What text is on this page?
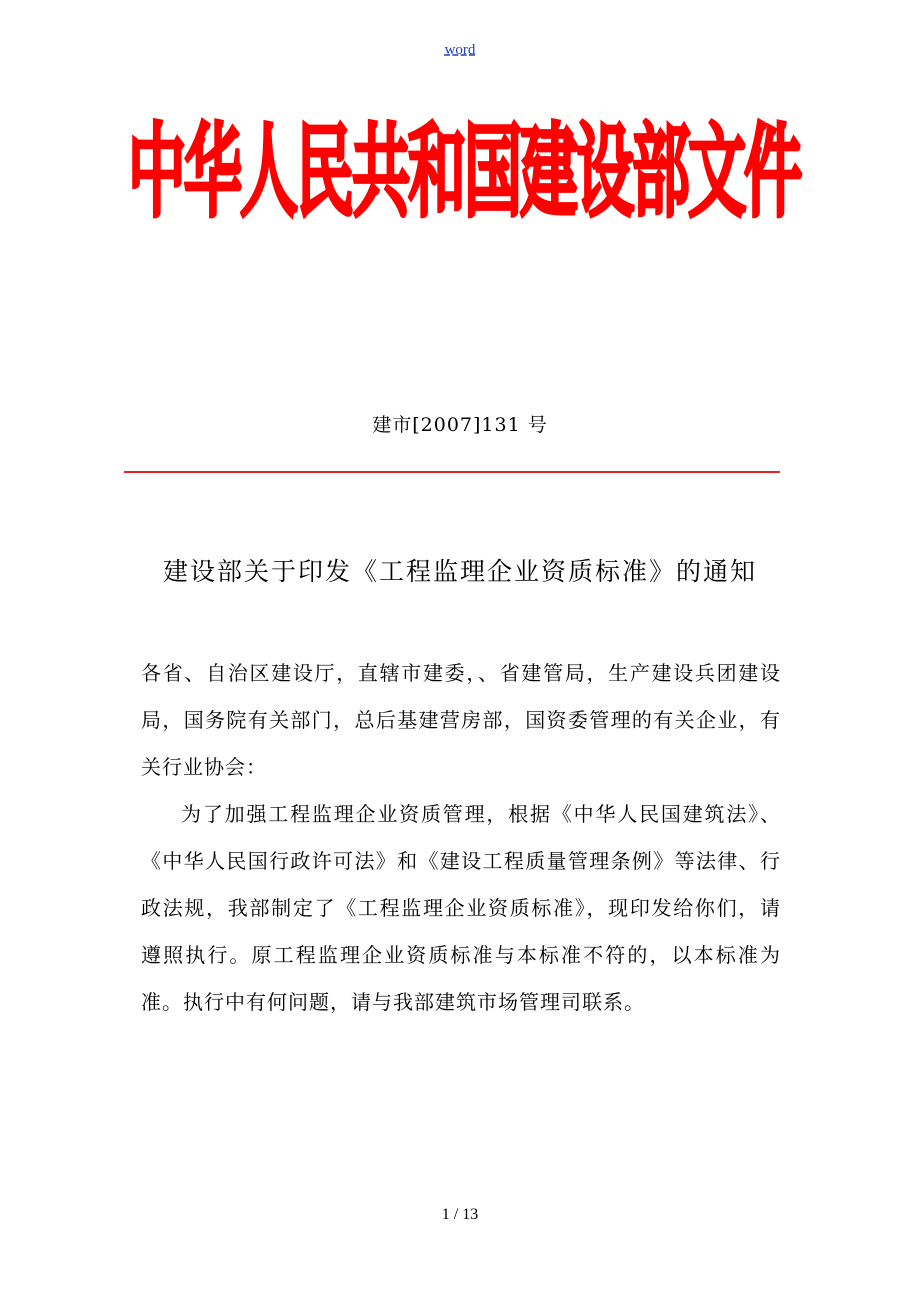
word
中 华 人 民 共 和 国 建 设 部 文 件
建市[2007]131 号
建设部关于印发《工程监理企业资质标准》的通知

各省、自治区建设厅，直辖市建委，、省建管局，生产建设兵团建设局，国务院有关部门，总后基建营房部，国资委管理的有关企业，有关行业协会：

为了加强工程监理企业资质管理，根据《中华人民国建筑法》、《中华人民国行政许可法》和《建设工程质量管理条例》等法律、行政法规，我部制定了《工程监理企业资质标准》，现印发给你们，请遵照执行。原工程监理企业资质标准与本标准不符的，以本标准为准。执行中有何问题，请与我部建筑市场管理司联系。

1 / 13
